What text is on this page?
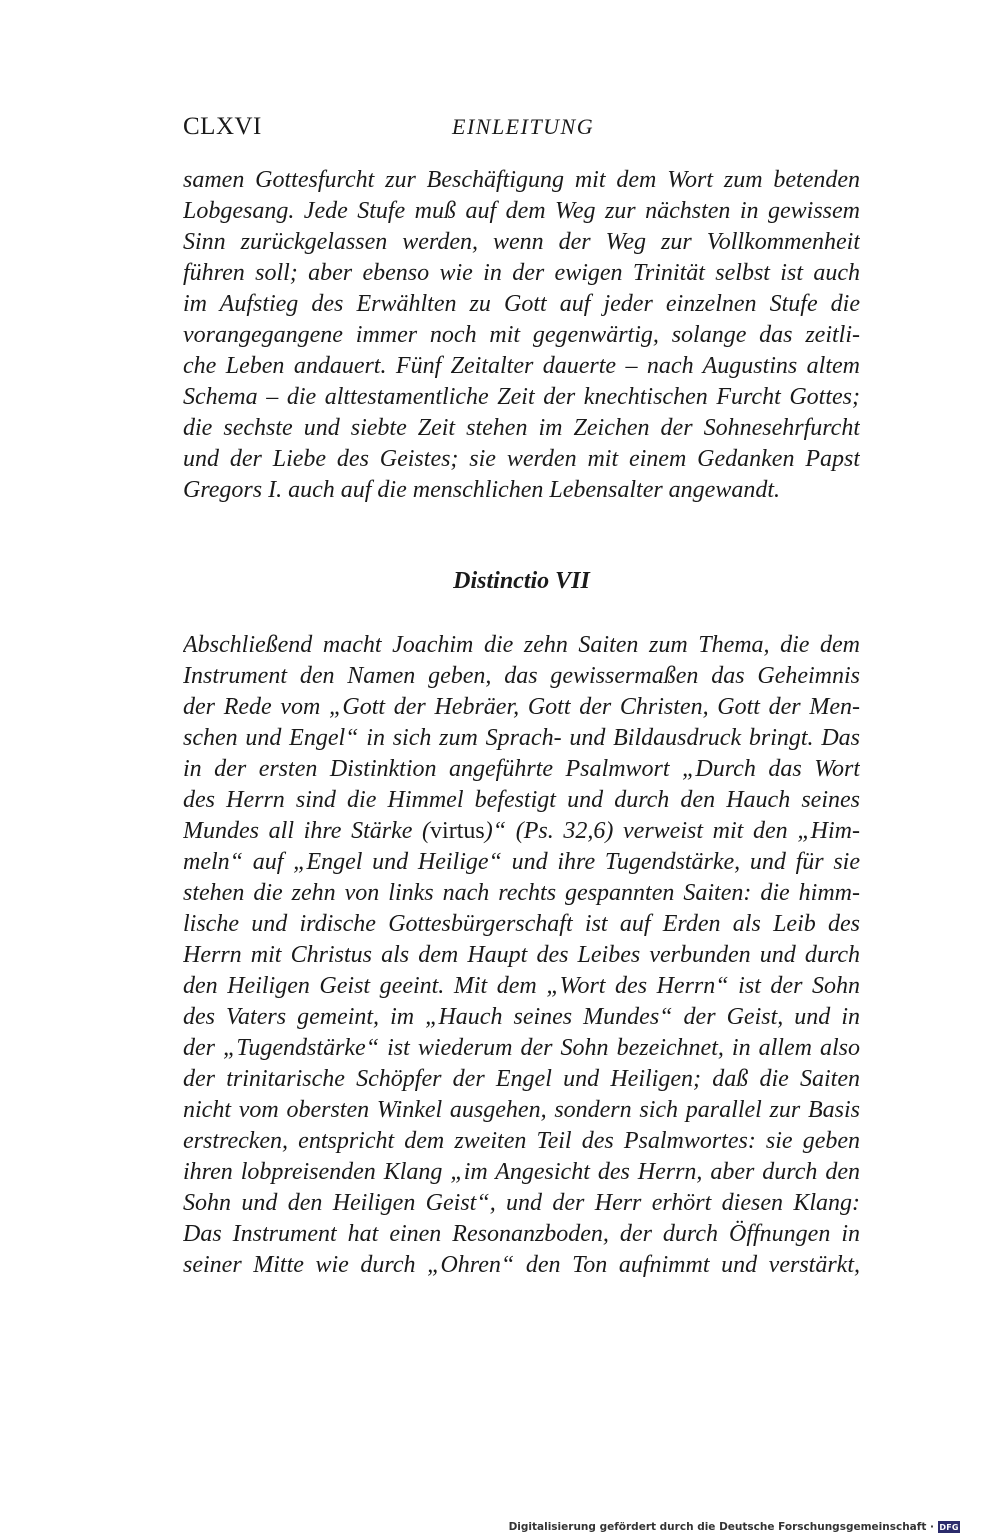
CLXVI	EINLEITUNG
samen Gottesfurcht zur Beschäftigung mit dem Wort zum betenden
Lobgesang. Jede Stufe muß auf dem Weg zur nächsten in gewissem
Sinn zurückgelassen werden, wenn der Weg zur Vollkommenheit
führen soll; aber ebenso wie in der ewigen Trinität selbst ist auch
im Aufstieg des Erwählten zu Gott auf jeder einzelnen Stufe die
vorangegangene immer noch mit gegenwärtig, solange das zeitli-
che Leben andauert. Fünf Zeitalter dauerte – nach Augustins altem
Schema – die alttestamentliche Zeit der knechtischen Furcht Gottes;
die sechste und siebte Zeit stehen im Zeichen der Sohnesehrfurcht
und der Liebe des Geistes; sie werden mit einem Gedanken Papst
Gregors I. auch auf die menschlichen Lebensalter angewandt.
Distinctio VII
Abschließend macht Joachim die zehn Saiten zum Thema, die dem
Instrument den Namen geben, das gewissermaßen das Geheimnis
der Rede vom „Gott der Hebräer, Gott der Christen, Gott der Men-
schen und Engel“ in sich zum Sprach- und Bildausdruck bringt. Das
in der ersten Distinktion angeführte Psalmwort „Durch das Wort
des Herrn sind die Himmel befestigt und durch den Hauch seines
Mundes all ihre Stärke (virtus)“ (Ps. 32,6) verweist mit den „Him-
meln“ auf „Engel und Heilige“ und ihre Tugendstärke, und für sie
stehen die zehn von links nach rechts gespannten Saiten: die himm-
lische und irdische Gottesbürgerschaft ist auf Erden als Leib des
Herrn mit Christus als dem Haupt des Leibes verbunden und durch
den Heiligen Geist geeint. Mit dem „Wort des Herrn“ ist der Sohn
des Vaters gemeint, im „Hauch seines Mundes“ der Geist, und in
der „Tugendstärke“ ist wiederum der Sohn bezeichnet, in allem also
der trinitarische Schöpfer der Engel und Heiligen; daß die Saiten
nicht vom obersten Winkel ausgehen, sondern sich parallel zur Basis
erstrecken, entspricht dem zweiten Teil des Psalmwortes: sie geben
ihren lobpreisenden Klang „im Angesicht des Herrn, aber durch den
Sohn und den Heiligen Geist“, und der Herr erhört diesen Klang:
Das Instrument hat einen Resonanzboden, der durch Öffnungen in
seiner Mitte wie durch „Ohren“ den Ton aufnimmt und verstärkt,
Digitalisierung gefördert durch die Deutsche Forschungsgemeinschaft · DFG
